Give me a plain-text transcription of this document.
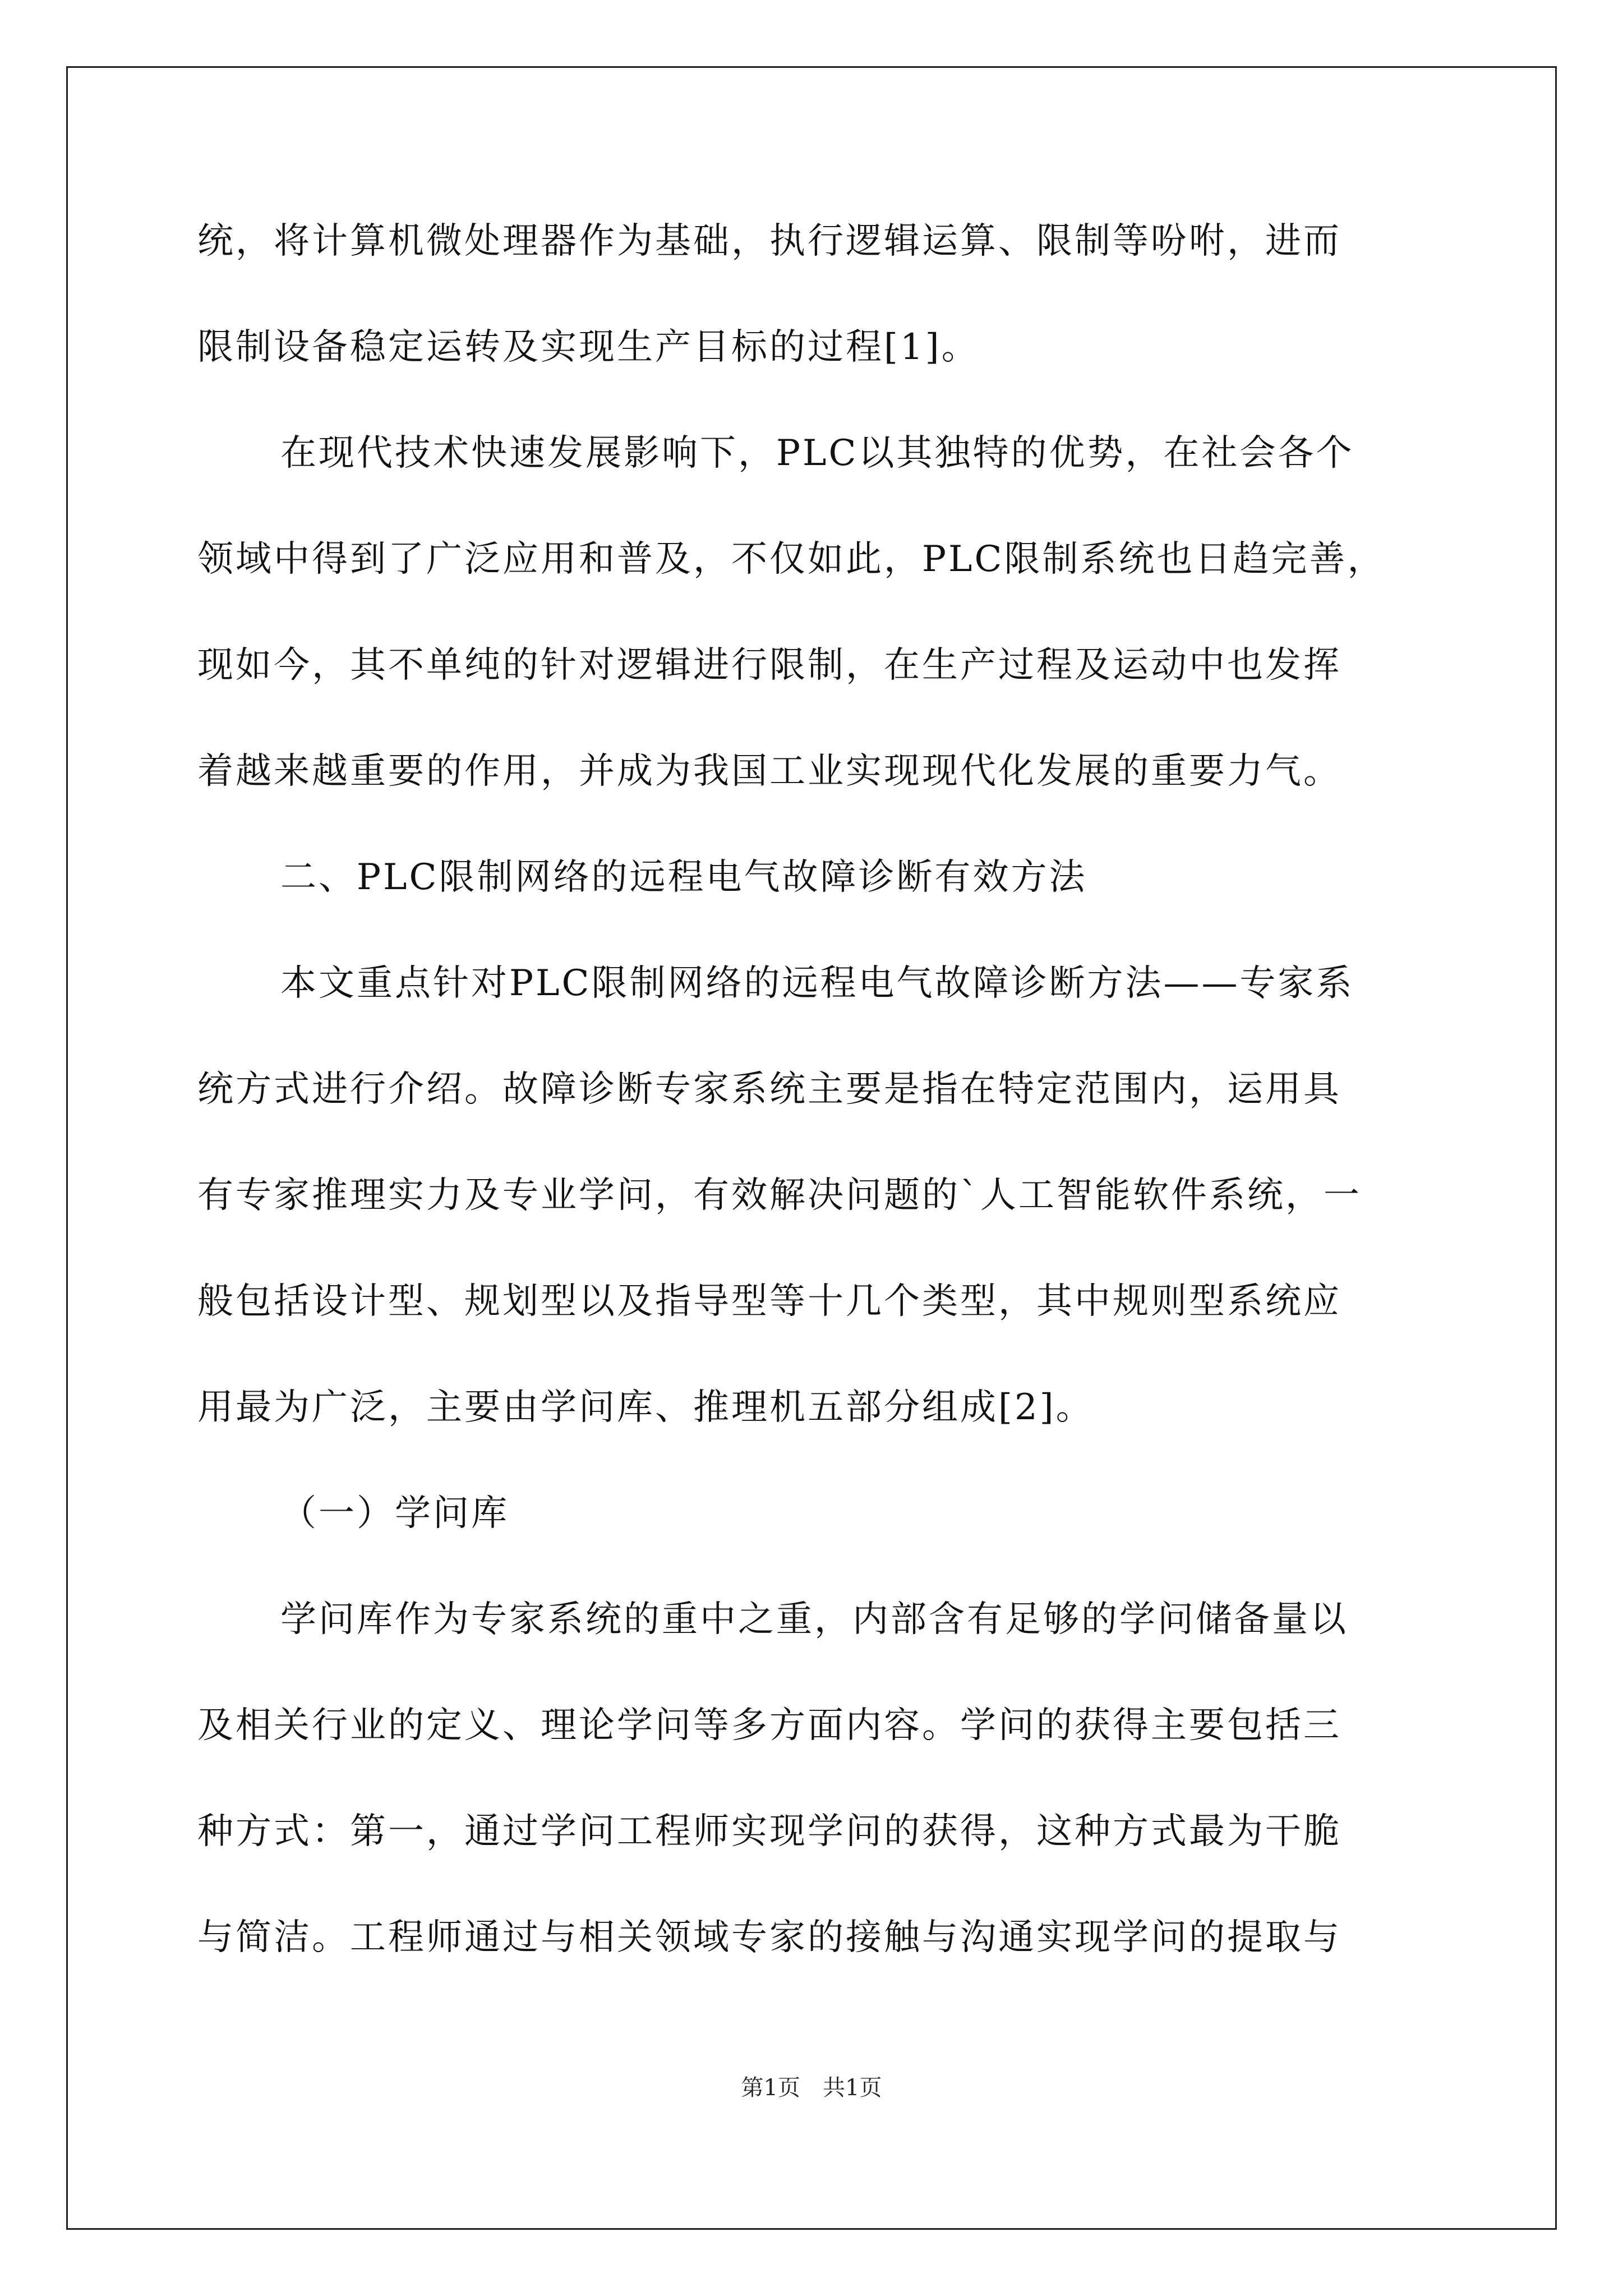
统，将计算机微处理器作为基础，执行逻辑运算、限制等吩咐，进而
限制设备稳定运转及实现生产目标的过程[1]。
在现代技术快速发展影响下，PLC以其独特的优势，在社会各个
领域中得到了广泛应用和普及，不仅如此，PLC限制系统也日趋完善，
现如今，其不单纯的针对逻辑进行限制，在生产过程及运动中也发挥
着越来越重要的作用，并成为我国工业实现现代化发展的重要力气。
二、PLC限制网络的远程电气故障诊断有效方法
本文重点针对PLC限制网络的远程电气故障诊断方法——专家系
统方式进行介绍。故障诊断专家系统主要是指在特定范围内，运用具
有专家推理实力及专业学问，有效解决问题的`人工智能软件系统，一
般包括设计型、规划型以及指导型等十几个类型，其中规则型系统应
用最为广泛，主要由学问库、推理机五部分组成[2]。
（一）学问库
学问库作为专家系统的重中之重，内部含有足够的学问储备量以
及相关行业的定义、理论学问等多方面内容。学问的获得主要包括三
种方式：第一，通过学问工程师实现学问的获得，这种方式最为干脆
与简洁。工程师通过与相关领域专家的接触与沟通实现学问的提取与
第1页　共1页
